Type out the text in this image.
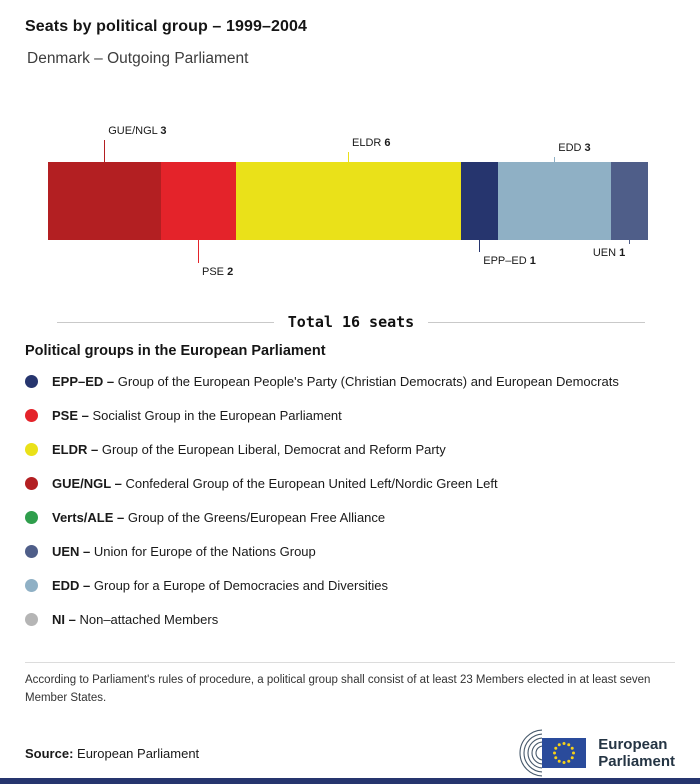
Seats by political group – 1999–2004
Denmark – Outgoing Parliament
GUE/NGL 3
PSE 2
ELDR 6
EPP–ED 1
EDD 3
UEN 1
Total 16 seats
Political groups in the European Parliament
EPP–ED – Group of the European People's Party (Christian Democrats) and European Democrats
PSE – Socialist Group in the European Parliament
ELDR – Group of the European Liberal, Democrat and Reform Party
GUE/NGL – Confederal Group of the European United Left/Nordic Green Left
Verts/ALE – Group of the Greens/European Free Alliance
UEN – Union for Europe of the Nations Group
EDD – Group for a Europe of Democracies and Diversities
NI – Non–attached Members
According to Parliament's rules of procedure, a political group shall consist of at least 23 Members elected in at least seven Member States.
Source: European Parliament
European
Parliament
